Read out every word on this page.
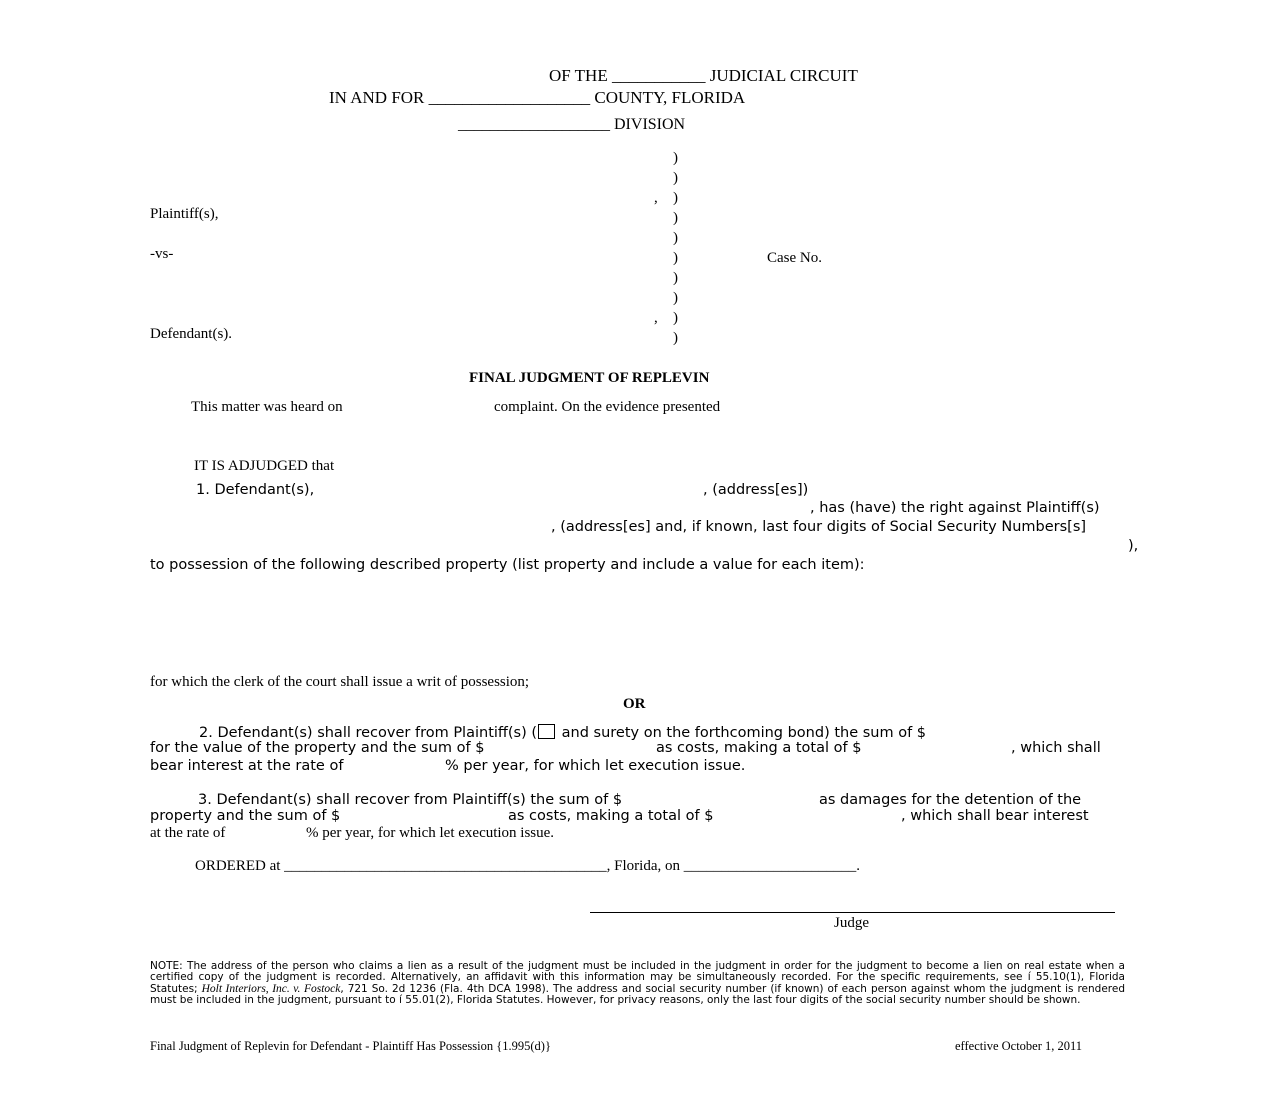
OF THE ___________ JUDICIAL CIRCUIT
IN AND FOR ___________________ COUNTY, FLORIDA
___________________ DIVISION
)
)
, )
)
)
)
)
)
, )
)
Plaintiff(s),
-vs-	Case No.
Defendant(s).
FINAL JUDGMENT OF REPLEVIN
This matter was heard on	complaint. On the evidence presented
IT IS ADJUDGED that
1. Defendant(s),	, (address[es])
, has (have) the right against Plaintiff(s)
, (address[es] and, if known, last four digits of Social Security Numbers[s]
),
to possession of the following described property (list property and include a value for each item):
for which the clerk of the court shall issue a writ of possession;
OR
2. Defendant(s) shall recover from Plaintiff(s) ( and surety on the forthcoming bond) the sum of $
for the value of the property and the sum of $	as costs, making a total of $	, which shall
bear interest at the rate of	% per year, for which let execution issue.
3. Defendant(s) shall recover from Plaintiff(s) the sum of $	as damages for the detention of the
property and the sum of $	as costs, making a total of $	, which shall bear interest
at the rate of	% per year, for which let execution issue.
ORDERED at ___________________________________________, Florida, on _______________________.
Judge
NOTE: The address of the person who claims a lien as a result of the judgment must be included in the judgment in order for the judgment to become a lien on real estate when a certified copy of the judgment is recorded. Alternatively, an affidavit with this information may be simultaneously recorded. For the specific requirements, see í 55.10(1), Florida Statutes; Holt Interiors, Inc. v. Fostock, 721 So. 2d 1236 (Fla. 4th DCA 1998). The address and social security number (if known) of each person against whom the judgment is rendered must be included in the judgment, pursuant to í 55.01(2), Florida Statutes. However, for privacy reasons, only the last four digits of the social security number should be shown.
Final Judgment of Replevin for Defendant - Plaintiff Has Possession {1.995(d)}	effective October 1, 2011
